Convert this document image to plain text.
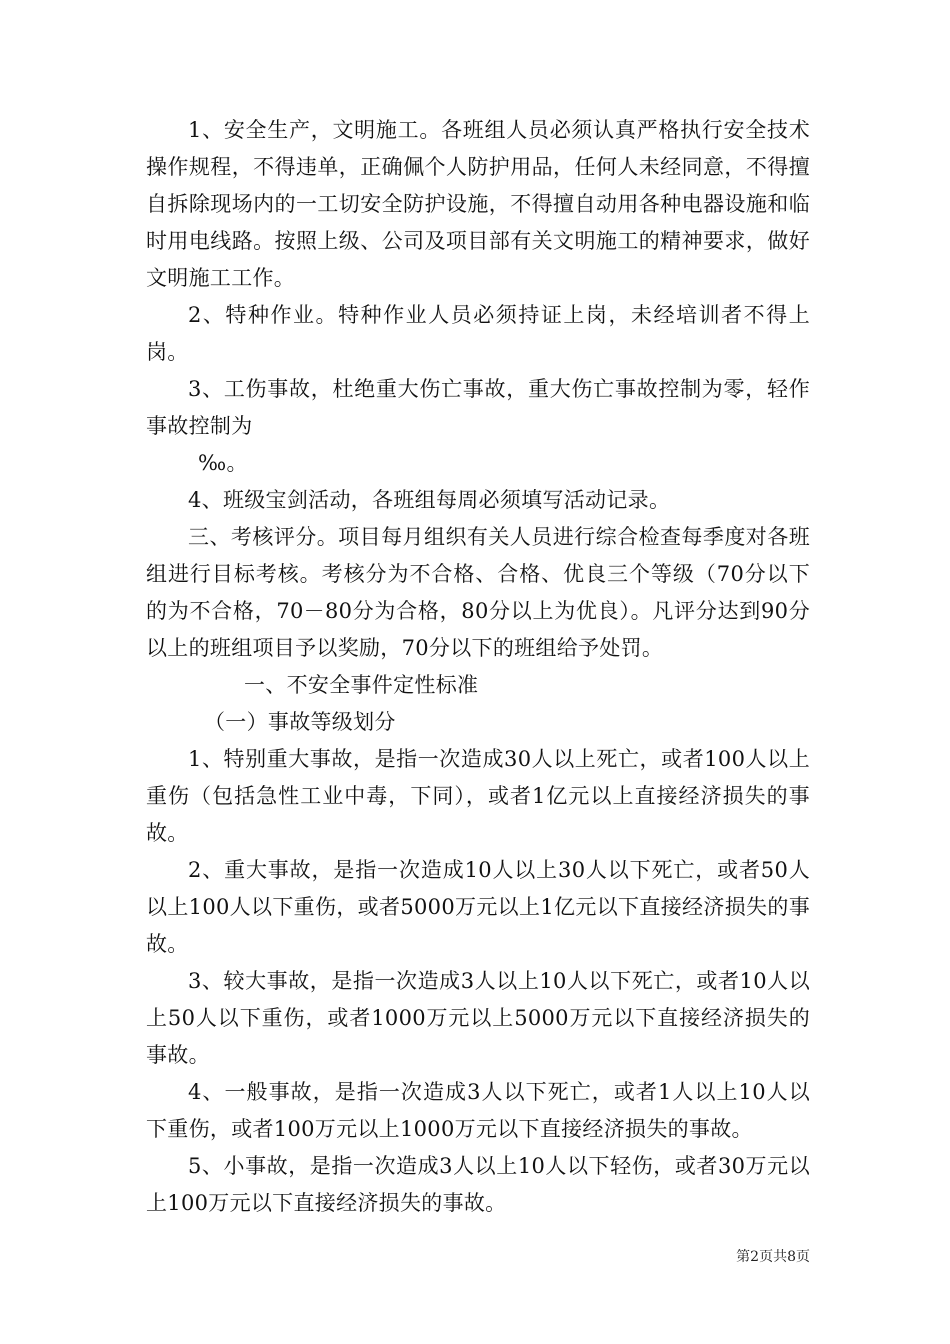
1、安全生产，文明施工。各班组人员必须认真严格执行安全技术操作规程，不得违单，正确佩个人防护用品，任何人未经同意，不得擅自拆除现场内的一工切安全防护设施，不得擅自动用各种电器设施和临时用电线路。按照上级、公司及项目部有关文明施工的精神要求，做好文明施工工作。

2、特种作业。特种作业人员必须持证上岗，未经培训者不得上岗。

3、工伤事故，杜绝重大伤亡事故，重大伤亡事故控制为零，轻作事故控制为

‰。

4、班级宝剑活动，各班组每周必须填写活动记录。

三、考核评分。项目每月组织有关人员进行综合检查每季度对各班组进行目标考核。考核分为不合格、合格、优良三个等级（70分以下的为不合格，70－80分为合格，80分以上为优良）。凡评分达到90分以上的班组项目予以奖励，70分以下的班组给予处罚。

一、不安全事件定性标准

（一）事故等级划分

1、特别重大事故，是指一次造成30人以上死亡，或者100人以上重伤（包括急性工业中毒，下同），或者1亿元以上直接经济损失的事故。

2、重大事故，是指一次造成10人以上30人以下死亡，或者50人以上100人以下重伤，或者5000万元以上1亿元以下直接经济损失的事故。

3、较大事故，是指一次造成3人以上10人以下死亡，或者10人以上50人以下重伤，或者1000万元以上5000万元以下直接经济损失的事故。

4、一般事故，是指一次造成3人以下死亡，或者1人以上10人以下重伤，或者100万元以上1000万元以下直接经济损失的事故。

5、小事故，是指一次造成3人以上10人以下轻伤，或者30万元以上100万元以下直接经济损失的事故。

第2页共8页
